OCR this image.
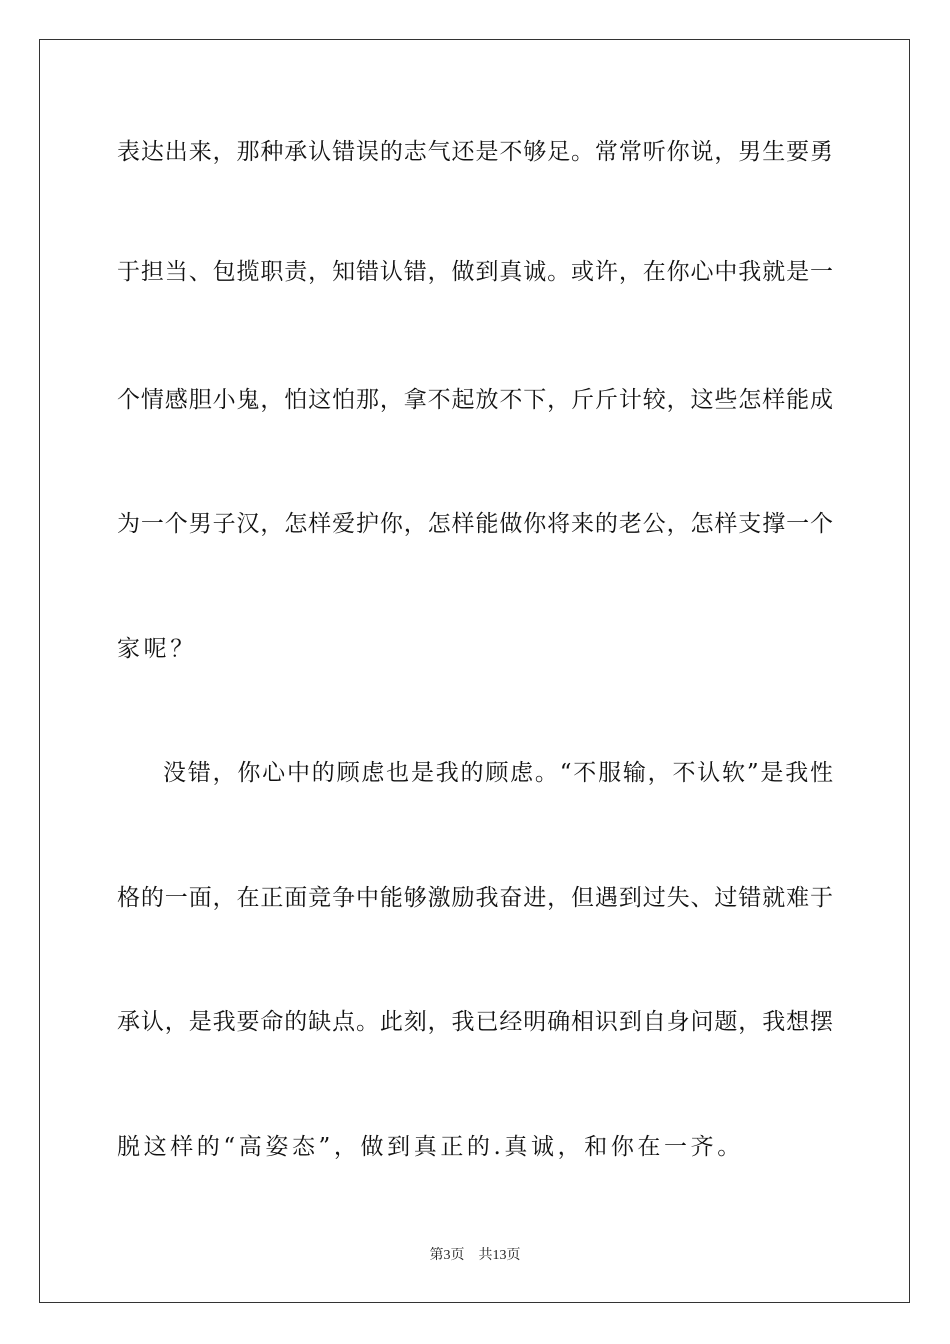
表达出来，那种承认错误的志气还是不够足。常常听你说，男生要勇
于担当、包揽职责，知错认错，做到真诚。或许，在你心中我就是一
个情感胆小鬼，怕这怕那，拿不起放不下，斤斤计较，这些怎样能成
为一个男子汉，怎样爱护你，怎样能做你将来的老公，怎样支撑一个
家呢？
没错，你心中的顾虑也是我的顾虑。“不服输，不认软”是我性
格的一面，在正面竞争中能够激励我奋进，但遇到过失、过错就难于
承认，是我要命的缺点。此刻，我已经明确相识到自身问题，我想摆
脱这样的“高姿态”，做到真正的.真诚，和你在一齐。
第3页 共13页
